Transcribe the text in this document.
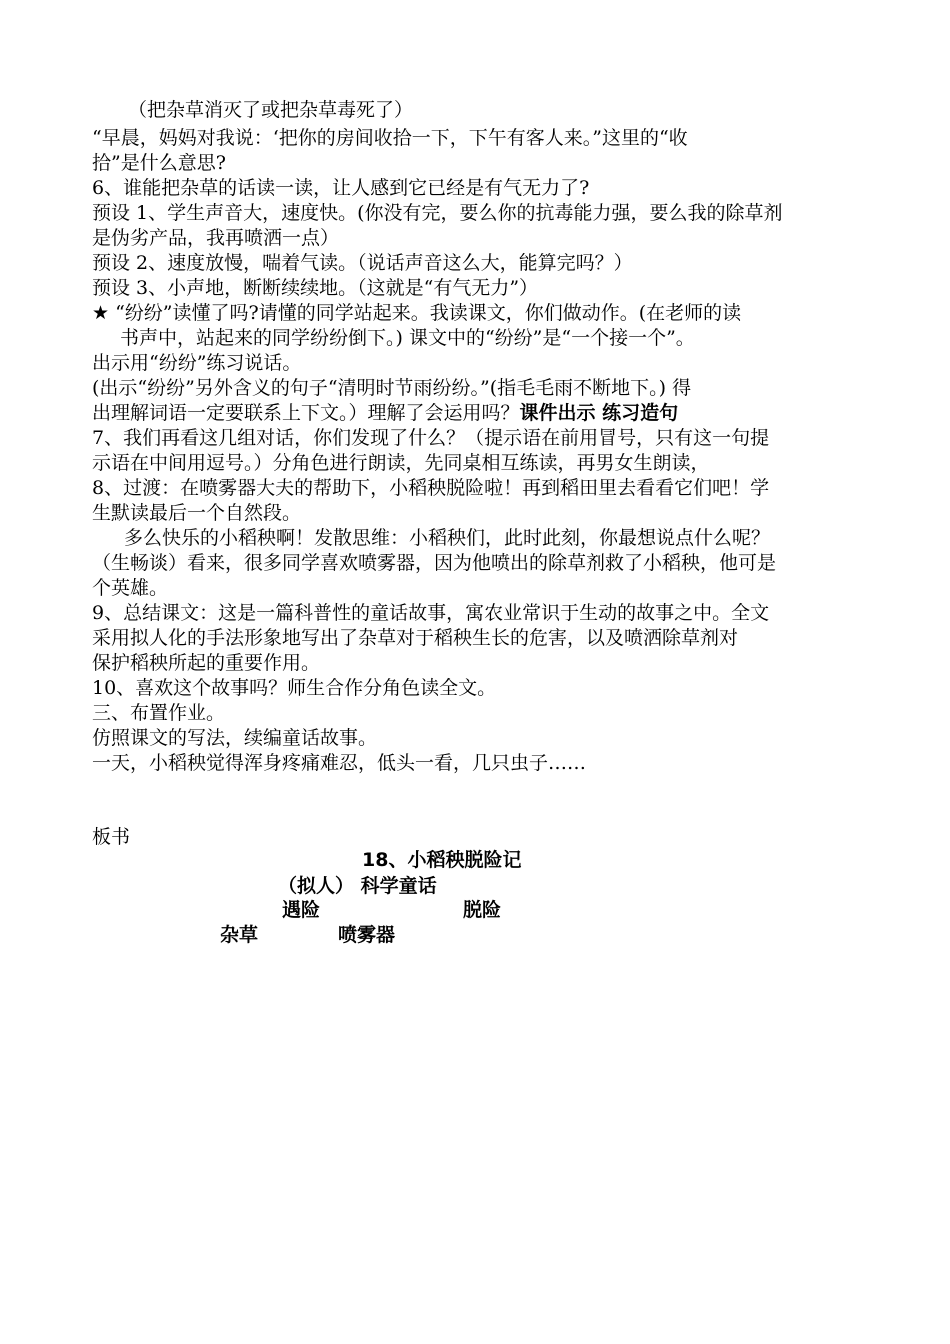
（把杂草消灭了或把杂草毒死了）
“早晨，妈妈对我说：‘把你的房间收拾一下，下午有客人来。”这里的“收
拾”是什么意思?
6、谁能把杂草的话读一读，让人感到它已经是有气无力了?
预设 1、学生声音大，速度快。(你没有完，要么你的抗毒能力强，要么我的除草剂
是伪劣产品，我再喷洒一点）
预设 2、速度放慢，喘着气读。（说话声音这么大，能算完吗？）
预设 3、小声地，断断续续地。（这就是“有气无力”）
★ “纷纷”读懂了吗?请懂的同学站起来。我读课文，你们做动作。(在老师的读
书声中，站起来的同学纷纷倒下。) 课文中的“纷纷”是“一个接一个”。
出示用“纷纷”练习说话。
(出示“纷纷”另外含义的句子“清明时节雨纷纷。”(指毛毛雨不断地下。) 得
出理解词语一定要联系上下文。）理解了会运用吗？课件出示 练习造句
7、我们再看这几组对话，你们发现了什么？（提示语在前用冒号，只有这一句提
示语在中间用逗号。）分角色进行朗读，先同桌相互练读，再男女生朗读，
8、过渡：在喷雾器大夫的帮助下，小稻秧脱险啦！再到稻田里去看看它们吧！学
生默读最后一个自然段。
多么快乐的小稻秧啊！发散思维：小稻秧们，此时此刻，你最想说点什么呢？
（生畅谈）看来，很多同学喜欢喷雾器，因为他喷出的除草剂救了小稻秧，他可是
个英雄。
9、总结课文：这是一篇科普性的童话故事，寓农业常识于生动的故事之中。全文
采用拟人化的手法形象地写出了杂草对于稻秧生长的危害，以及喷洒除草剂对
保护稻秧所起的重要作用。
10、喜欢这个故事吗？师生合作分角色读全文。
三、布置作业。
仿照课文的写法，续编童话故事。
一天，小稻秧觉得浑身疼痛难忍，低头一看，几只虫子……
板书
18、小稻秧脱险记
（拟人） 科学童话
遇险	脱险
杂草	喷雾器
